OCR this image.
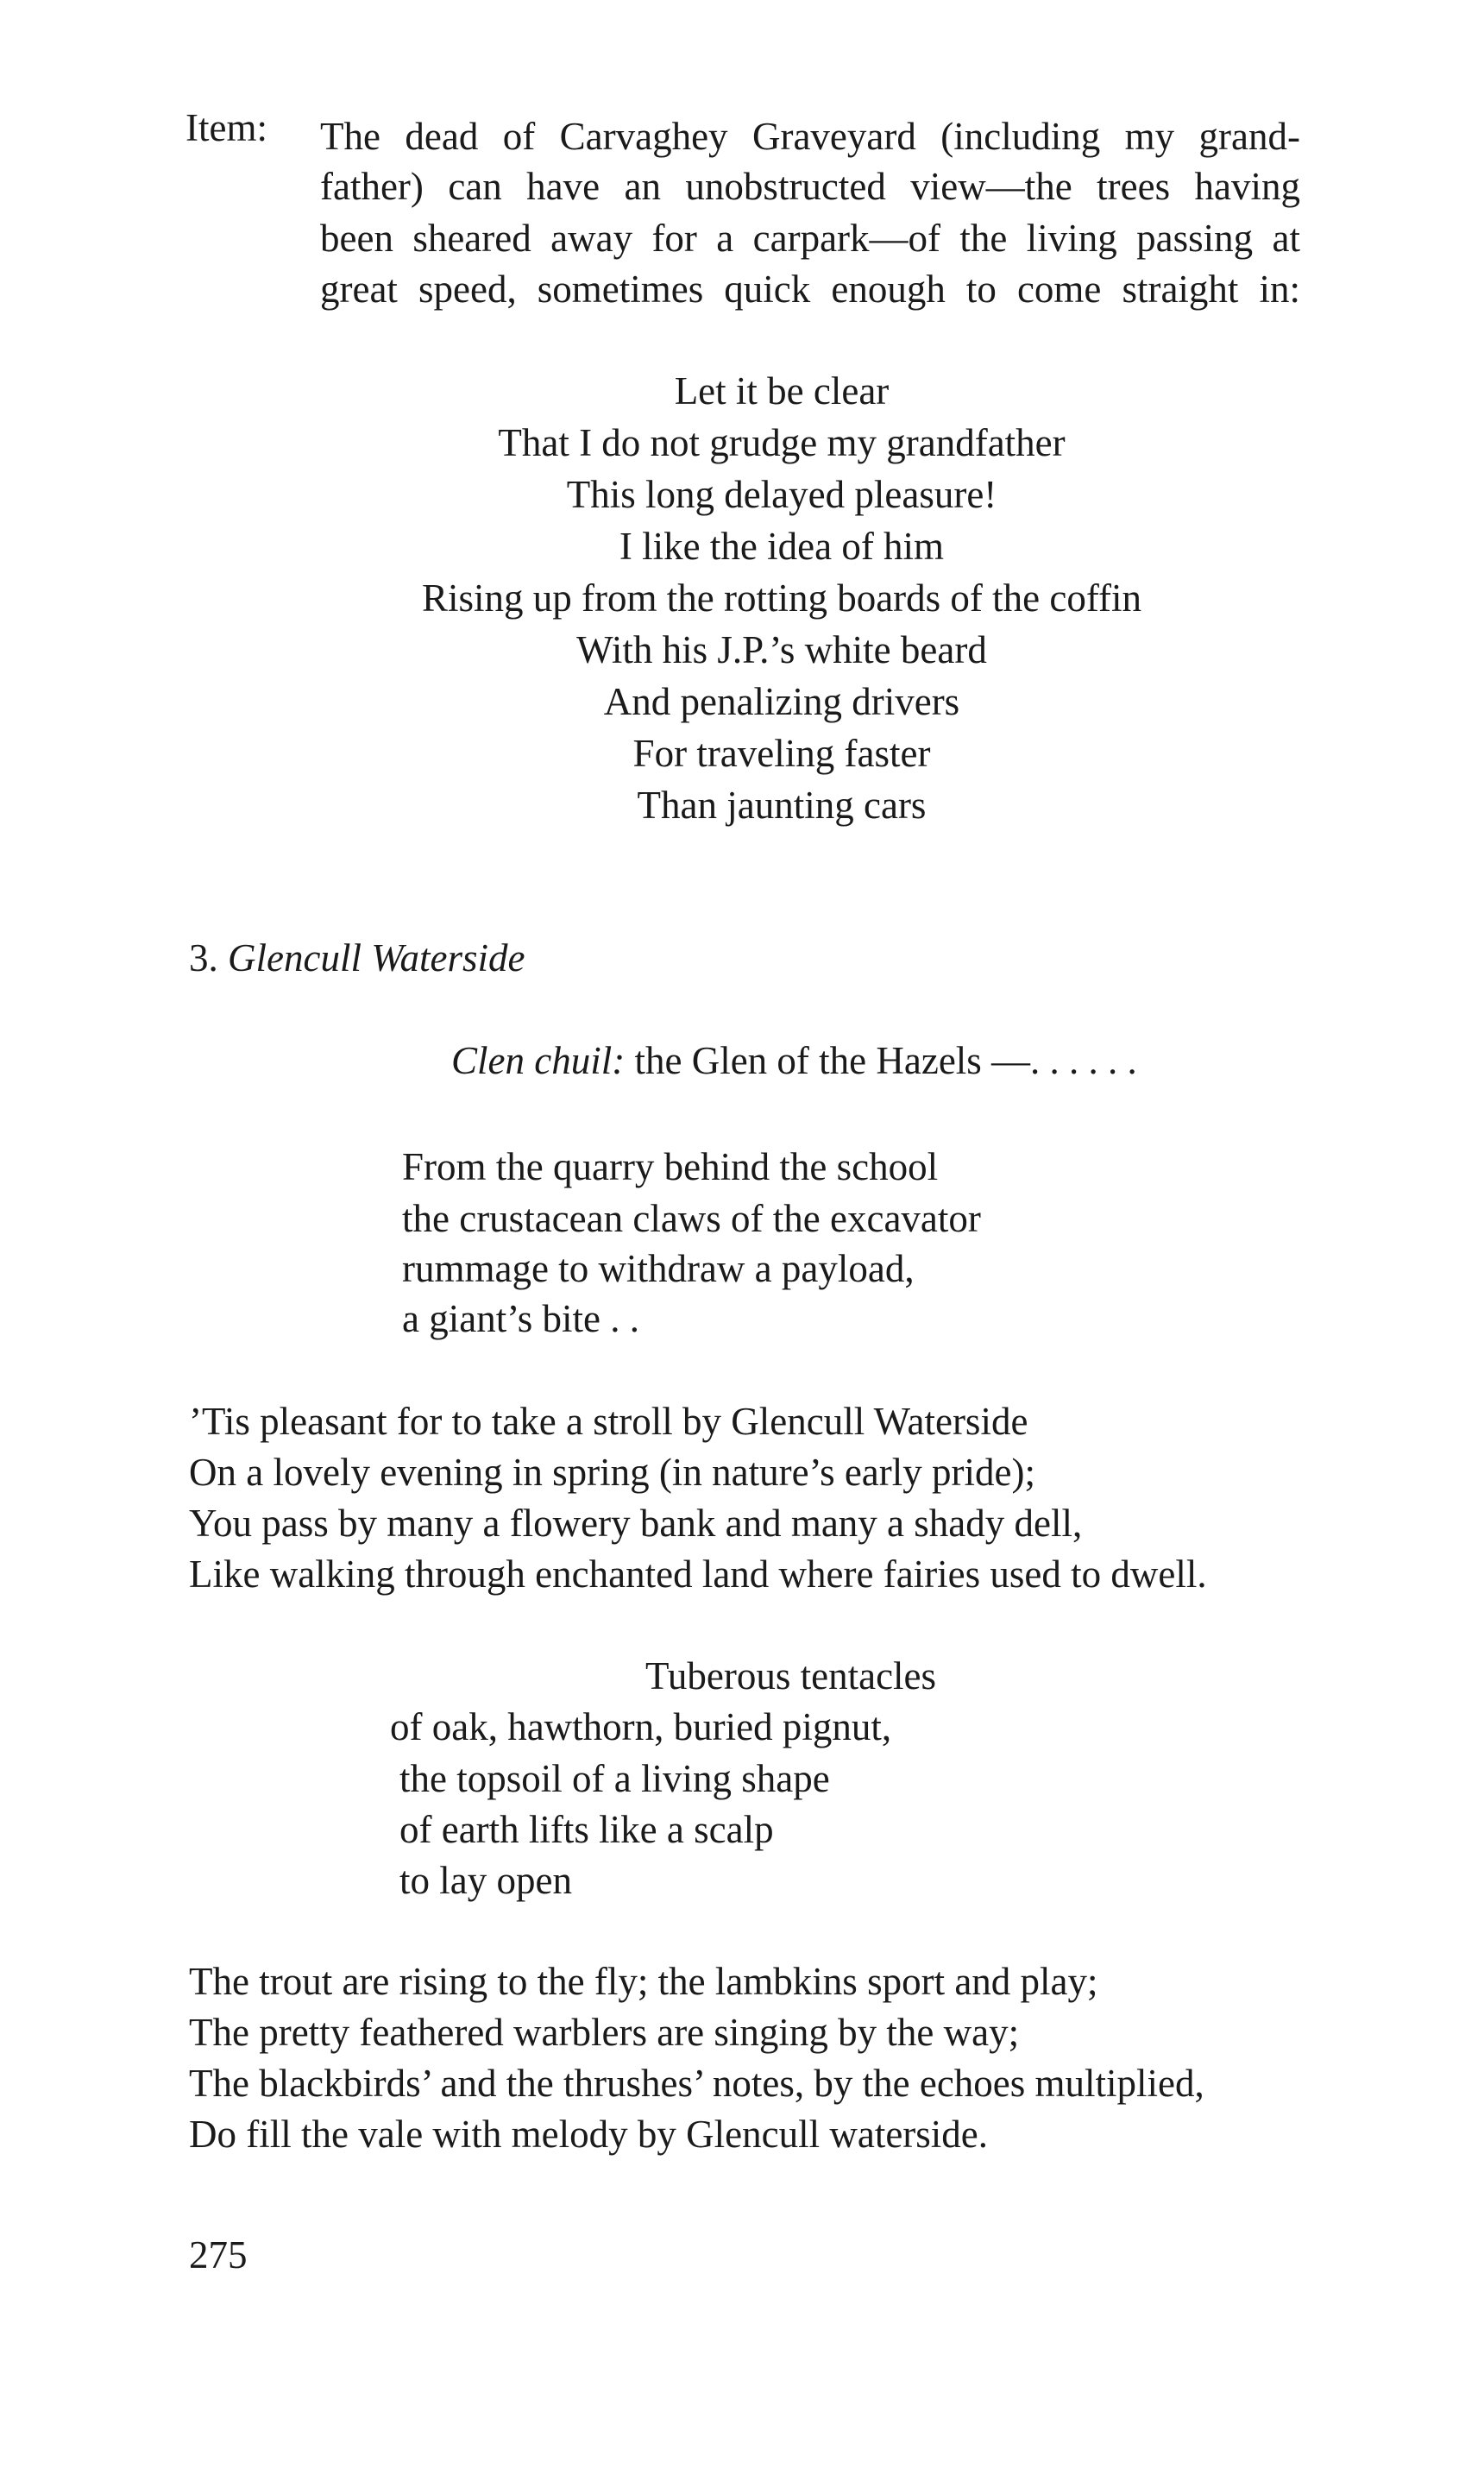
Item: The dead of Carvaghey Graveyard (including my grand-
father) can have an unobstructed view—the trees having
been sheared away for a carpark—of the living passing at
great speed, sometimes quick enough to come straight in:
Let it be clear
That I do not grudge my grandfather
This long delayed pleasure!
I like the idea of him
Rising up from the rotting boards of the coffin
With his J.P.’s white beard
And penalizing drivers
For traveling faster
Than jaunting cars
3. Glencull Waterside
Clen chuil: the Glen of the Hazels —. . . . . .
From the quarry behind the school
the crustacean claws of the excavator
rummage to withdraw a payload,
a giant’s bite . .
’Tis pleasant for to take a stroll by Glencull Waterside
On a lovely evening in spring (in nature’s early pride);
You pass by many a flowery bank and many a shady dell,
Like walking through enchanted land where fairies used to dwell.
Tuberous tentacles
of oak, hawthorn, buried pignut,
the topsoil of a living shape
of earth lifts like a scalp
to lay open
The trout are rising to the fly; the lambkins sport and play;
The pretty feathered warblers are singing by the way;
The blackbirds’ and the thrushes’ notes, by the echoes multiplied,
Do fill the vale with melody by Glencull waterside.
275
